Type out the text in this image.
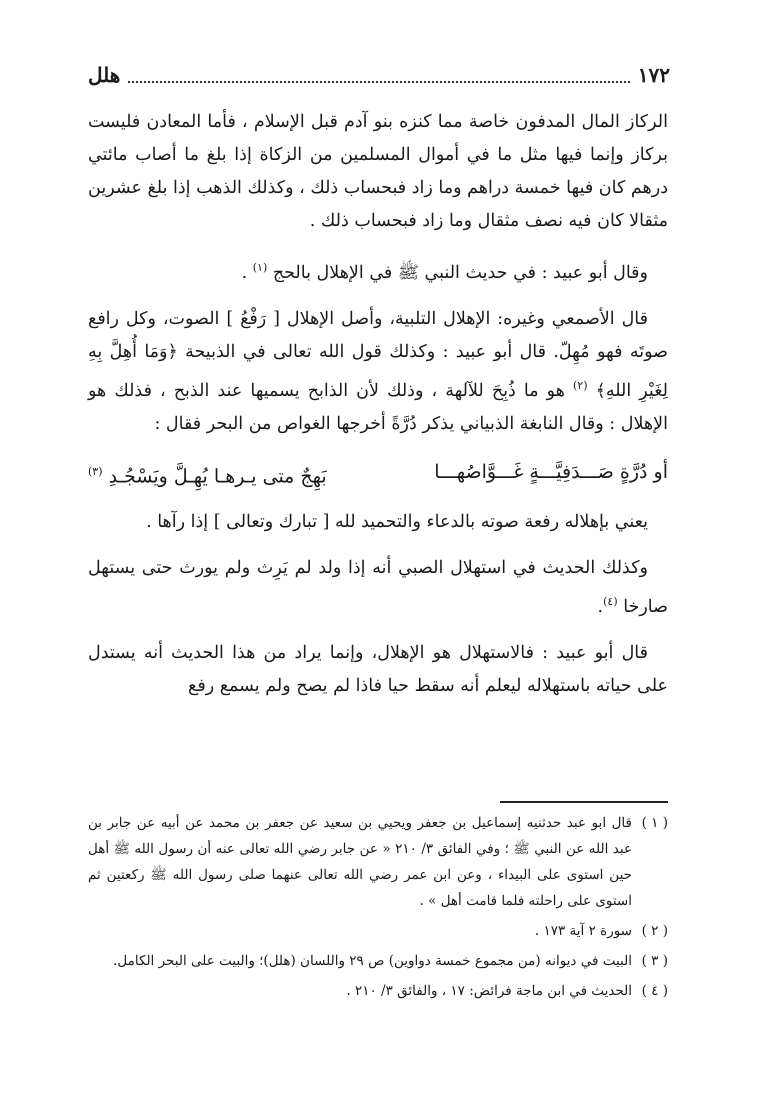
١٧٢
هلل

الركاز المال المدفون خاصة مما كنزه بنو آدم قبل الإسلام ، فأما المعادن فليست بركاز وإنما فيها مثل ما في أموال المسلمين من الزكاة إذا بلغ ما أصاب مائتي درهم كان فيها خمسة دراهم وما زاد فبحساب ذلك ، وكذلك الذهب إذا بلغ عشرين مثقالا كان فيه نصف مثقال وما زاد فبحساب ذلك .

وقال أبو عبيد : في حديث النبي ﷺ في الإهلال بالحج $^{(١)}$ .

قال الأصمعي وغيره: الإهلال التلبية، وأصل الإهلال [ رَفْعُ ] الصوت، وكل رافع صوتَه فهو مُهِلّ. قال أبو عبيد : وكذلك قول الله تعالى في الذبيحة ﴿وَمَا أُهِلَّ بِهِ لِغَيْرِ اللهِ﴾ $^{(٢)}$ هو ما ذُبِحَ للآلهة ، وذلك لأن الذابح يسميها عند الذبح ، فذلك هو الإهلال : وقال النابغة الذبياني يذكر دُرَّةً أخرجها الغواص من البحر فقال :

أو دُرَّةٍ صَـــدَفِيَّـــةٍ غَـــوَّاصُهـــا
بَهِجٌ متى يـرهـا يُهِـلَّ ويَسْجُـدِ $^{(٣)}$

يعني بإهلاله رفعة صوته بالدعاء والتحميد لله [ تبارك وتعالى ] إذا رآها .

وكذلك الحديث في استهلال الصبي أنه إذا ولد لم يَرِث ولم يورث حتى يستهل صارخا $^{(٤)}$.

قال أبو عبيد : فالاستهلال هو الإهلال، وإنما يراد من هذا الحديث أنه يستدل على حياته باستهلاله ليعلم أنه سقط حيا فاذا لم يصح ولم يسمع رفع

( ١ )
قال ابو عبد حدثنيه إسماعيل بن جعفر ويحيي بن سعيد عن جعفر بن محمد عن أبيه عن جابر بن عبد الله عن النبي ﷺ ؛ وفي الفائق ٣/ ٢١٠ « عن جابر رضي الله تعالى عنه أن رسول الله ﷺ أهل حين استوى على البيداء ، وعن ابن عمر رضي الله تعالى عنهما صلى رسول الله ﷺ ركعتين ثم استوى على راحلته فلما قامت أهل » .
( ٢ )
سورة ٢ آية ١٧٣ .
( ٣ )
البيت في ديوانه (من مجموع خمسة دواوين) ص ٢٩ واللسان (هلل)؛ والبيت على البحر الكامل.
( ٤ )
الحديث في ابن ماجة فرائض: ١٧ ، والفائق ٣/ ٢١٠ .
